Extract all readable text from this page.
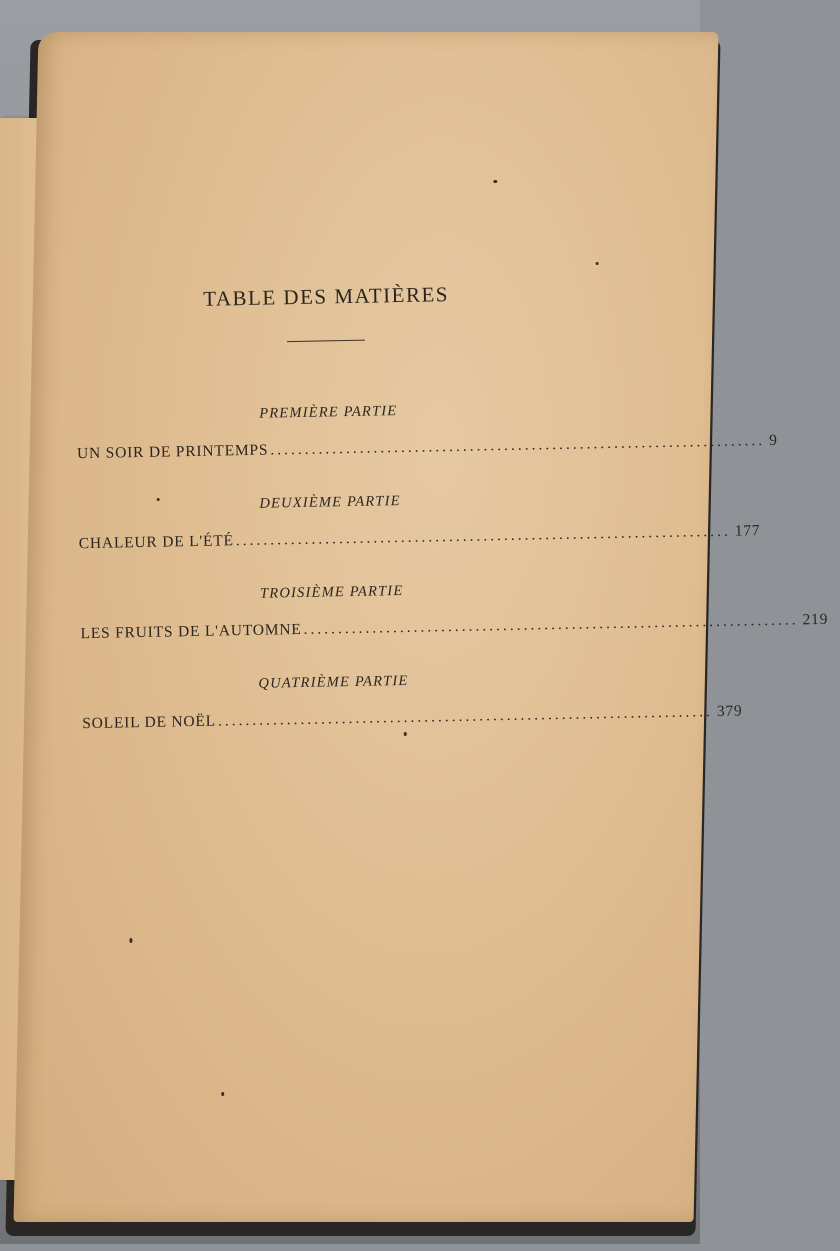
TABLE DES MATIÈRES
PREMIÈRE PARTIE
UN SOIR DE PRINTEMPS ........................................................................ 9
DEUXIÈME PARTIE
CHALEUR DE L'ÉTÉ ........................................................................ 177
TROISIÈME PARTIE
LES FRUITS DE L'AUTOMNE ........................................................................ 219
QUATRIÈME PARTIE
SOLEIL DE NOËL ........................................................................ 379
